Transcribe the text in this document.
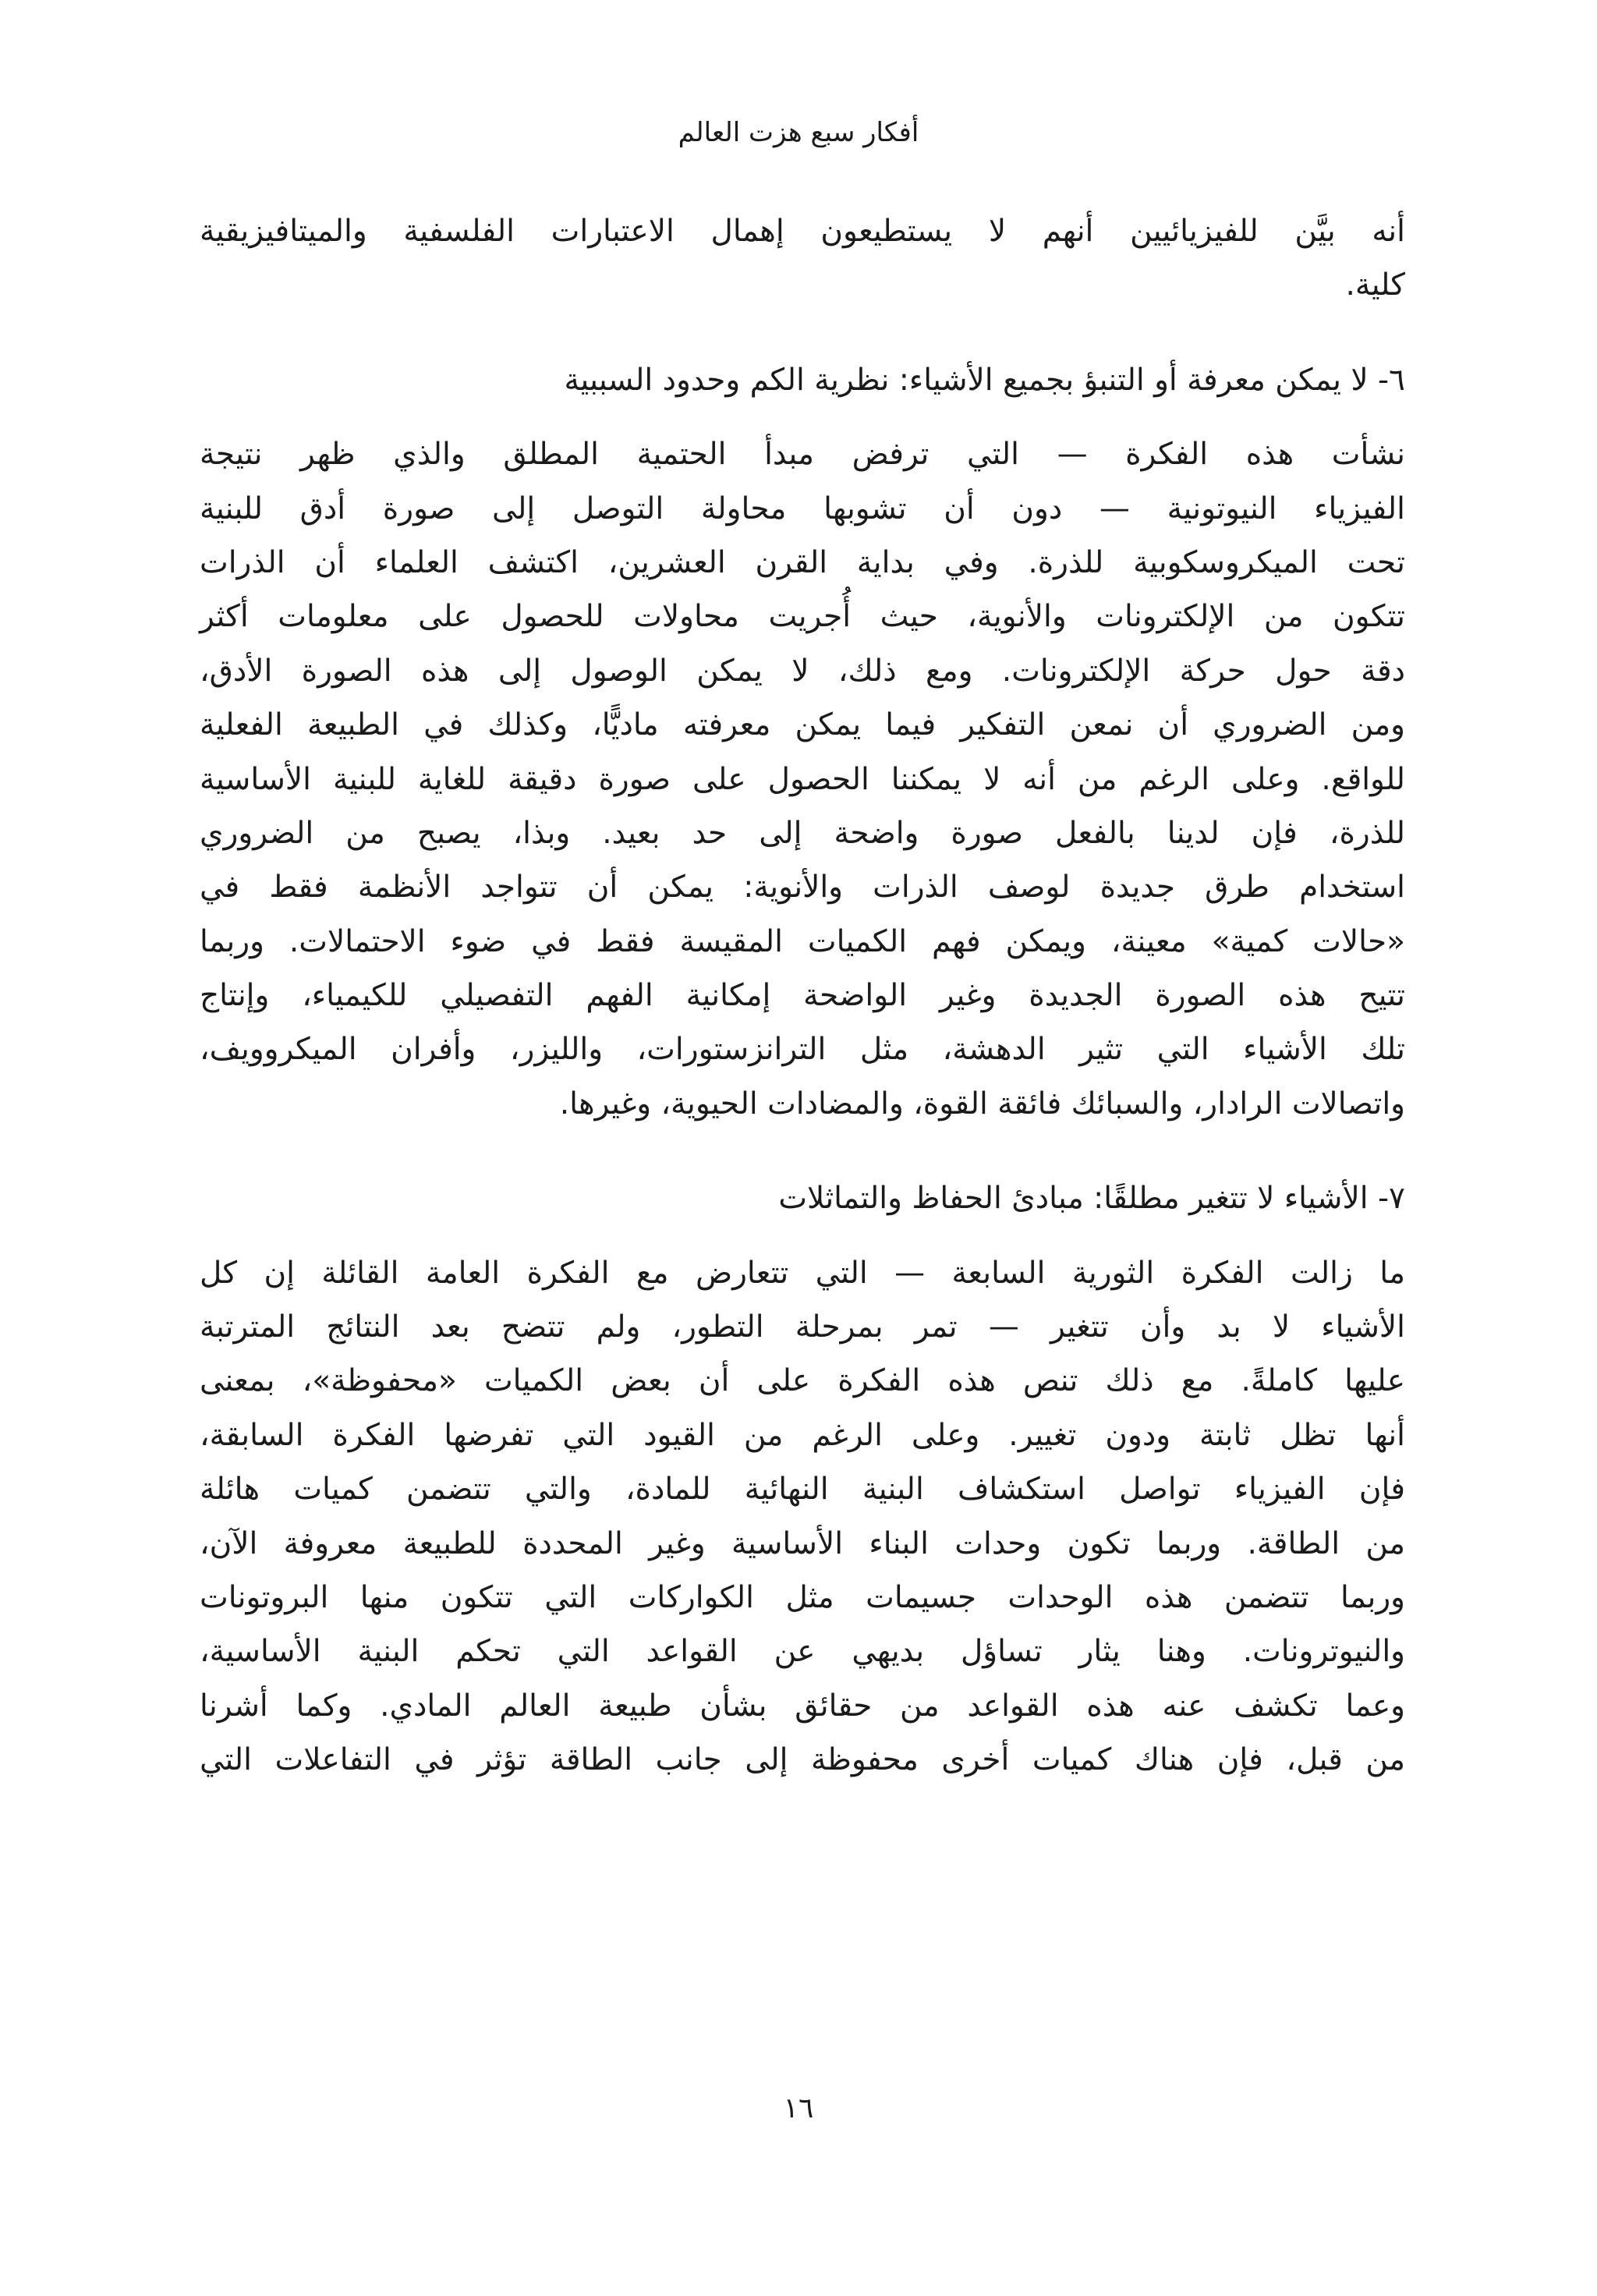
أفكار سبع هزت العالم
أنه بيَّن للفيزيائيين أنهم لا يستطيعون إهمال الاعتبارات الفلسفية والميتافيزيقية
كلية.
٦- لا يمكن معرفة أو التنبؤ بجميع الأشياء: نظرية الكم وحدود السببية
نشأت هذه الفكرة — التي ترفض مبدأ الحتمية المطلق والذي ظهر نتيجة
الفيزياء النيوتونية — دون أن تشوبها محاولة التوصل إلى صورة أدق للبنية
تحت الميكروسكوبية للذرة. وفي بداية القرن العشرين، اكتشف العلماء أن الذرات
تتكون من الإلكترونات والأنوية، حيث أُجريت محاولات للحصول على معلومات أكثر
دقة حول حركة الإلكترونات. ومع ذلك، لا يمكن الوصول إلى هذه الصورة الأدق،
ومن الضروري أن نمعن التفكير فيما يمكن معرفته ماديًّا، وكذلك في الطبيعة الفعلية
للواقع. وعلى الرغم من أنه لا يمكننا الحصول على صورة دقيقة للغاية للبنية الأساسية
للذرة، فإن لدينا بالفعل صورة واضحة إلى حد بعيد. وبذا، يصبح من الضروري
استخدام طرق جديدة لوصف الذرات والأنوية: يمكن أن تتواجد الأنظمة فقط في
«حالات كمية» معينة، ويمكن فهم الكميات المقيسة فقط في ضوء الاحتمالات. وربما
تتيح هذه الصورة الجديدة وغير الواضحة إمكانية الفهم التفصيلي للكيمياء، وإنتاج
تلك الأشياء التي تثير الدهشة، مثل الترانزستورات، والليزر، وأفران الميكروويف،
واتصالات الرادار، والسبائك فائقة القوة، والمضادات الحيوية، وغيرها.
٧- الأشياء لا تتغير مطلقًا: مبادئ الحفاظ والتماثلات
ما زالت الفكرة الثورية السابعة — التي تتعارض مع الفكرة العامة القائلة إن كل
الأشياء لا بد وأن تتغير — تمر بمرحلة التطور، ولم تتضح بعد النتائج المترتبة
عليها كاملةً. مع ذلك تنص هذه الفكرة على أن بعض الكميات «محفوظة»، بمعنى
أنها تظل ثابتة ودون تغيير. وعلى الرغم من القيود التي تفرضها الفكرة السابقة،
فإن الفيزياء تواصل استكشاف البنية النهائية للمادة، والتي تتضمن كميات هائلة
من الطاقة. وربما تكون وحدات البناء الأساسية وغير المحددة للطبيعة معروفة الآن،
وربما تتضمن هذه الوحدات جسيمات مثل الكواركات التي تتكون منها البروتونات
والنيوترونات. وهنا يثار تساؤل بديهي عن القواعد التي تحكم البنية الأساسية،
وعما تكشف عنه هذه القواعد من حقائق بشأن طبيعة العالم المادي. وكما أشرنا
من قبل، فإن هناك كميات أخرى محفوظة إلى جانب الطاقة تؤثر في التفاعلات التي
١٦
